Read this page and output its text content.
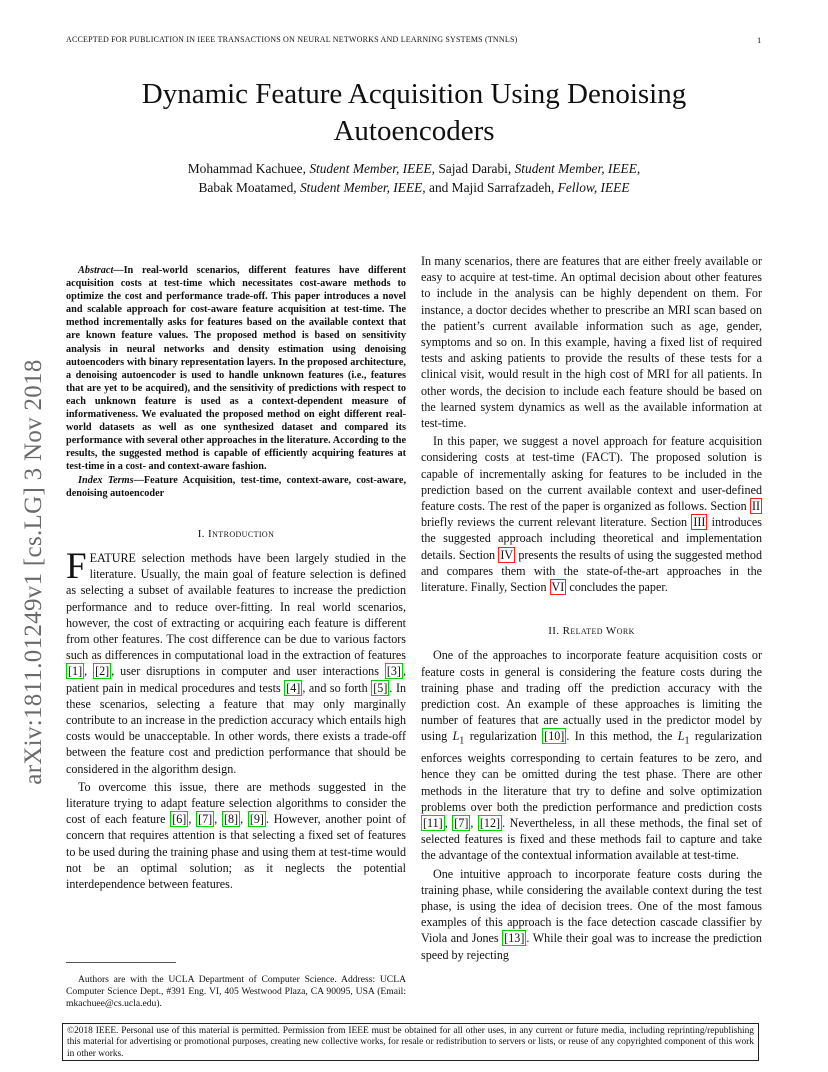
ACCEPTED FOR PUBLICATION IN IEEE TRANSACTIONS ON NEURAL NETWORKS AND LEARNING SYSTEMS (TNNLS)	1
arXiv:1811.01249v1 [cs.LG] 3 Nov 2018
Dynamic Feature Acquisition Using Denoising
Autoencoders
Mohammad Kachuee, Student Member, IEEE, Sajad Darabi, Student Member, IEEE,
Babak Moatamed, Student Member, IEEE, and Majid Sarrafzadeh, Fellow, IEEE

Abstract—In real-world scenarios, different features have different acquisition costs at test-time which necessitates cost-aware methods to optimize the cost and performance trade-off. This paper introduces a novel and scalable approach for cost-aware feature acquisition at test-time. The method incrementally asks for features based on the available context that are known feature values. The proposed method is based on sensitivity analysis in neural networks and density estimation using denoising autoencoders with binary representation layers. In the proposed architecture, a denoising autoencoder is used to handle unknown features (i.e., features that are yet to be acquired), and the sensitivity of predictions with respect to each unknown feature is used as a context-dependent measure of informativeness. We evaluated the proposed method on eight different real-world datasets as well as one synthesized dataset and compared its performance with several other approaches in the literature. According to the results, the suggested method is capable of efficiently acquiring features at test-time in a cost- and context-aware fashion.

Index Terms—Feature Acquisition, test-time, context-aware, cost-aware, denoising autoencoder

I. Introduction

FEATURE selection methods have been largely studied in the literature. Usually, the main goal of feature selection is defined as selecting a subset of available features to increase the prediction performance and to reduce over-fitting. In real world scenarios, however, the cost of extracting or acquiring each feature is different from other features. The cost difference can be due to various factors such as differences in computational load in the extraction of features [1] , [2] , user disruptions in computer and user interactions [3] , patient pain in medical procedures and tests [4] , and so forth [5] . In these scenarios, selecting a feature that may only marginally contribute to an increase in the prediction accuracy which entails high costs would be unacceptable. In other words, there exists a trade-off between the feature cost and prediction performance that should be considered in the algorithm design.

To overcome this issue, there are methods suggested in the literature trying to adapt feature selection algorithms to consider the cost of each feature [6] , [7] , [8] , [9] . However, another point of concern that requires attention is that selecting a fixed set of features to be used during the training phase and using them at test-time would not be an optimal solution; as it neglects the potential interdependence between features.

In many scenarios, there are features that are either freely available or easy to acquire at test-time. An optimal decision about other features to include in the analysis can be highly dependent on them. For instance, a doctor decides whether to prescribe an MRI scan based on the patient’s current available information such as age, gender, symptoms and so on. In this example, having a fixed list of required tests and asking patients to provide the results of these tests for a clinical visit, would result in the high cost of MRI for all patients. In other words, the decision to include each feature should be based on the learned system dynamics as well as the available information at test-time.

In this paper, we suggest a novel approach for feature acquisition considering costs at test-time (FACT). The proposed solution is capable of incrementally asking for features to be included in the prediction based on the current available context and user-defined feature costs. The rest of the paper is organized as follows. Section II briefly reviews the current relevant literature. Section III introduces the suggested approach including theoretical and implementation details. Section IV presents the results of using the suggested method and compares them with the state-of-the-art approaches in the literature. Finally, Section VI concludes the paper.

II. Related Work

One of the approaches to incorporate feature acquisition costs or feature costs in general is considering the feature costs during the training phase and trading off the prediction accuracy with the prediction cost. An example of these approaches is limiting the number of features that are actually used in the predictor model by using $L_1$ regularization [10] . In this method, the $L_1$ regularization enforces weights corresponding to certain features to be zero, and hence they can be omitted during the test phase. There are other methods in the literature that try to define and solve optimization problems over both the prediction performance and prediction costs [11] , [7] , [12] . Nevertheless, in all these methods, the final set of selected features is fixed and these methods fail to capture and take the advantage of the contextual information available at test-time.

One intuitive approach to incorporate feature costs during the training phase, while considering the available context during the test phase, is using the idea of decision trees. One of the most famous examples of this approach is the face detection cascade classifier by Viola and Jones [13] . While their goal was to increase the prediction speed by rejecting

Authors are with the UCLA Department of Computer Science. Address: UCLA Computer Science Dept., #391 Eng. VI, 405 Westwood Plaza, CA 90095, USA (Email: mkachuee@cs.ucla.edu).
©2018 IEEE. Personal use of this material is permitted. Permission from IEEE must be obtained for all other uses, in any current or future media, including reprinting/republishing this material for advertising or promotional purposes, creating new collective works, for resale or redistribution to servers or lists, or reuse of any copyrighted component of this work in other works.
